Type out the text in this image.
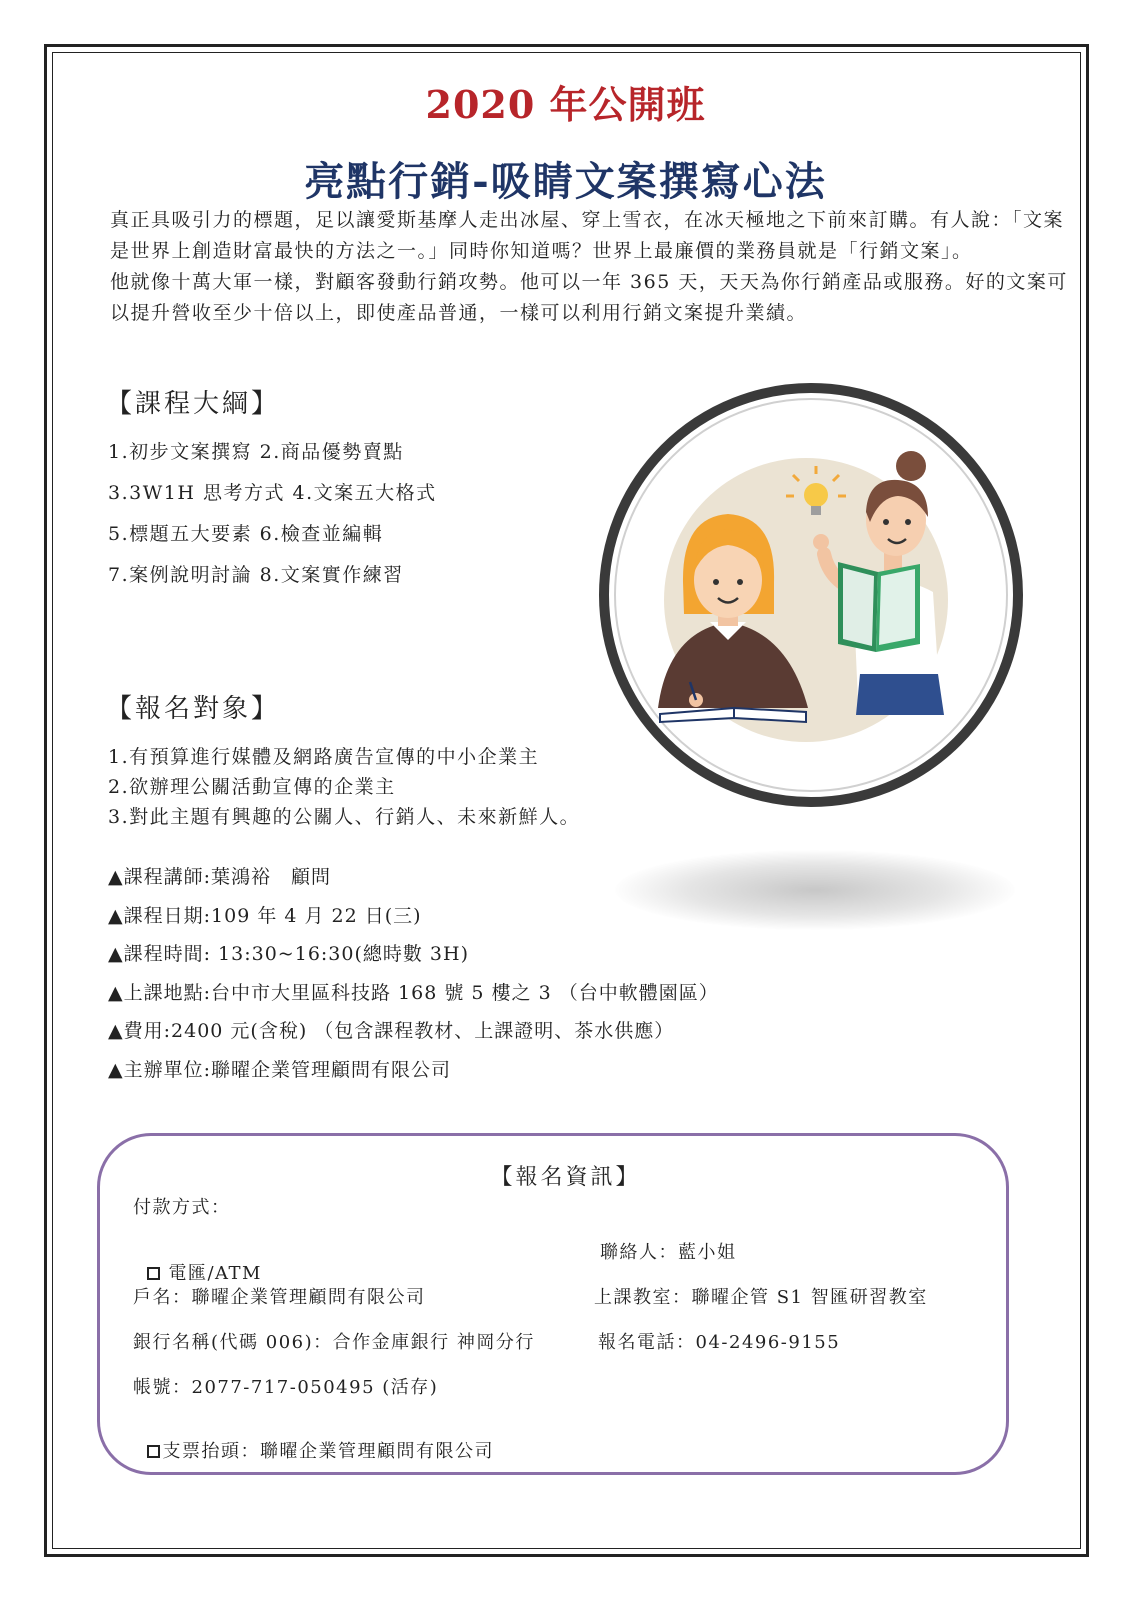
2020 年公開班
亮點行銷-吸睛文案撰寫心法

真正具吸引力的標題，足以讓愛斯基摩人走出冰屋、穿上雪衣，在冰天極地之下前來訂購。有人說：「文案是世界上創造財富最快的方法之一。」同時你知道嗎？世界上最廉價的業務員就是「行銷文案」。

他就像十萬大軍一樣，對顧客發動行銷攻勢。他可以一年 365 天，天天為你行銷產品或服務。好的文案可以提升營收至少十倍以上，即使產品普通，一樣可以利用行銷文案提升業績。

【課程大綱】
1.初步文案撰寫 2.商品優勢賣點
3.3W1H 思考方式 4.文案五大格式
5.標題五大要素 6.檢查並編輯
7.案例說明討論 8.文案實作練習
【報名對象】
1.有預算進行媒體及網路廣告宣傳的中小企業主
2.欲辦理公關活動宣傳的企業主
3.對此主題有興趣的公關人、行銷人、未來新鮮人。
▲課程講師:葉鴻裕　顧問
▲課程日期:109 年 4 月 22 日(三)
▲課程時間: 13:30~16:30(總時數 3H)
▲上課地點:台中市大里區科技路 168 號 5 樓之 3 （台中軟體園區）
▲費用:2400 元(含稅) （包含課程教材、上課證明、茶水供應）
▲主辦單位:聯曜企業管理顧問有限公司
【報名資訊】
付款方式：

電匯/ATM

戶名：聯曜企業管理顧問有限公司
銀行名稱(代碼 006)：合作金庫銀行 神岡分行
帳號：2077-717-050495 (活存)

支票抬頭：聯曜企業管理顧問有限公司

聯絡人：藍小姐
上課教室：聯曜企管 S1 智匯研習教室
報名電話：04-2496-9155
